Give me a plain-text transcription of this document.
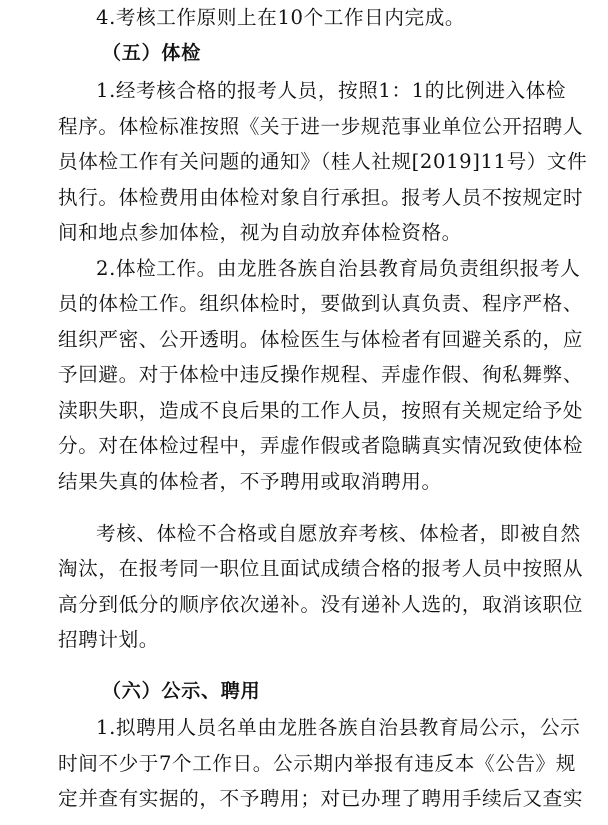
4.考核工作原则上在10个工作日内完成。
（五）体检
1.经考核合格的报考人员，按照1：1的比例进入体检
程序。体检标准按照《关于进一步规范事业单位公开招聘人
员体检工作有关问题的通知》（桂人社规[2019]11号）文件
执行。体检费用由体检对象自行承担。报考人员不按规定时
间和地点参加体检，视为自动放弃体检资格。
2.体检工作。由龙胜各族自治县教育局负责组织报考人
员的体检工作。组织体检时，要做到认真负责、程序严格、
组织严密、公开透明。体检医生与体检者有回避关系的，应
予回避。对于体检中违反操作规程、弄虚作假、徇私舞弊、
渎职失职，造成不良后果的工作人员，按照有关规定给予处
分。对在体检过程中，弄虚作假或者隐瞒真实情况致使体检
结果失真的体检者，不予聘用或取消聘用。
考核、体检不合格或自愿放弃考核、体检者，即被自然
淘汰，在报考同一职位且面试成绩合格的报考人员中按照从
高分到低分的顺序依次递补。没有递补人选的，取消该职位
招聘计划。
（六）公示、聘用
1.拟聘用人员名单由龙胜各族自治县教育局公示，公示
时间不少于7个工作日。公示期内举报有违反本《公告》规
定并查有实据的，不予聘用；对已办理了聘用手续后又查实
